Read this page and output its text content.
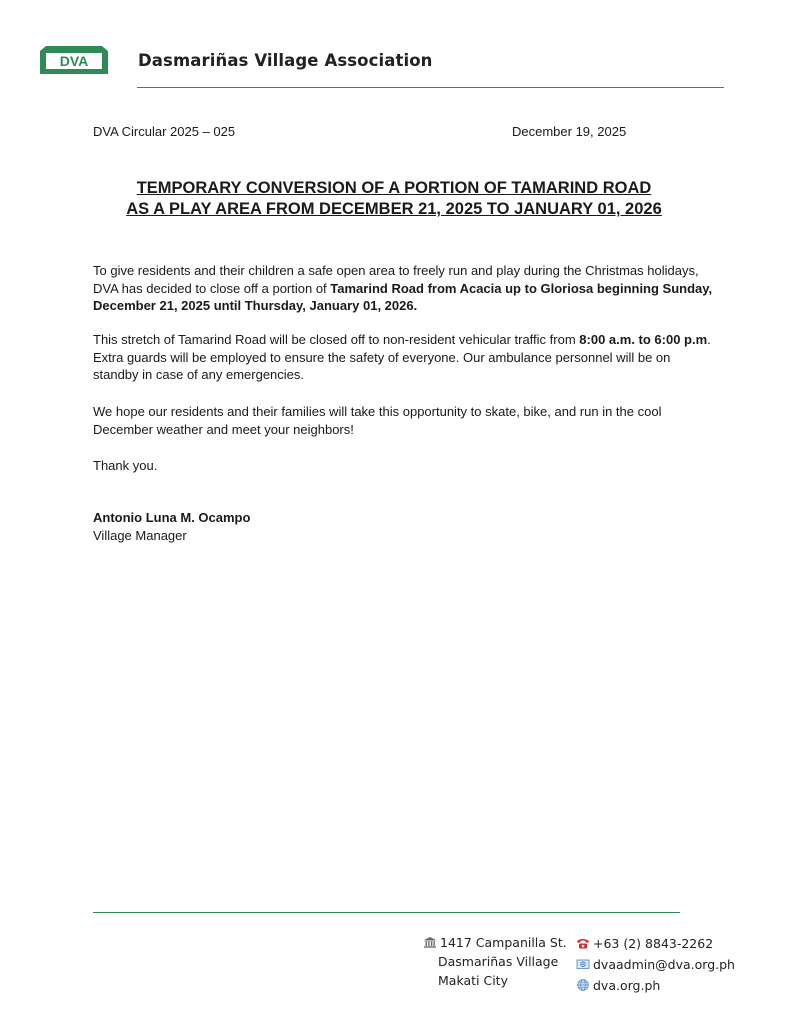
DVA	Dasmariñas Village Association
DVA Circular 2025 – 025	December 19, 2025
TEMPORARY CONVERSION OF A PORTION OF TAMARIND ROAD
AS A PLAY AREA FROM DECEMBER 21, 2025 TO JANUARY 01, 2026
To give residents and their children a safe open area to freely run and play during the Christmas holidays, DVA has decided to close off a portion of Tamarind Road from Acacia up to Gloriosa beginning Sunday, December 21, 2025 until Thursday, January 01, 2026.
This stretch of Tamarind Road will be closed off to non-resident vehicular traffic from 8:00 a.m. to 6:00 p.m. Extra guards will be employed to ensure the safety of everyone. Our ambulance personnel will be on standby in case of any emergencies.
We hope our residents and their families will take this opportunity to skate, bike, and run in the cool December weather and meet your neighbors!
Thank you.
Antonio Luna M. Ocampo
Village Manager
1417 Campanilla St.
Dasmariñas Village
Makati City
+63 (2) 8843-2262
dvaadmin@dva.org.ph
dva.org.ph
